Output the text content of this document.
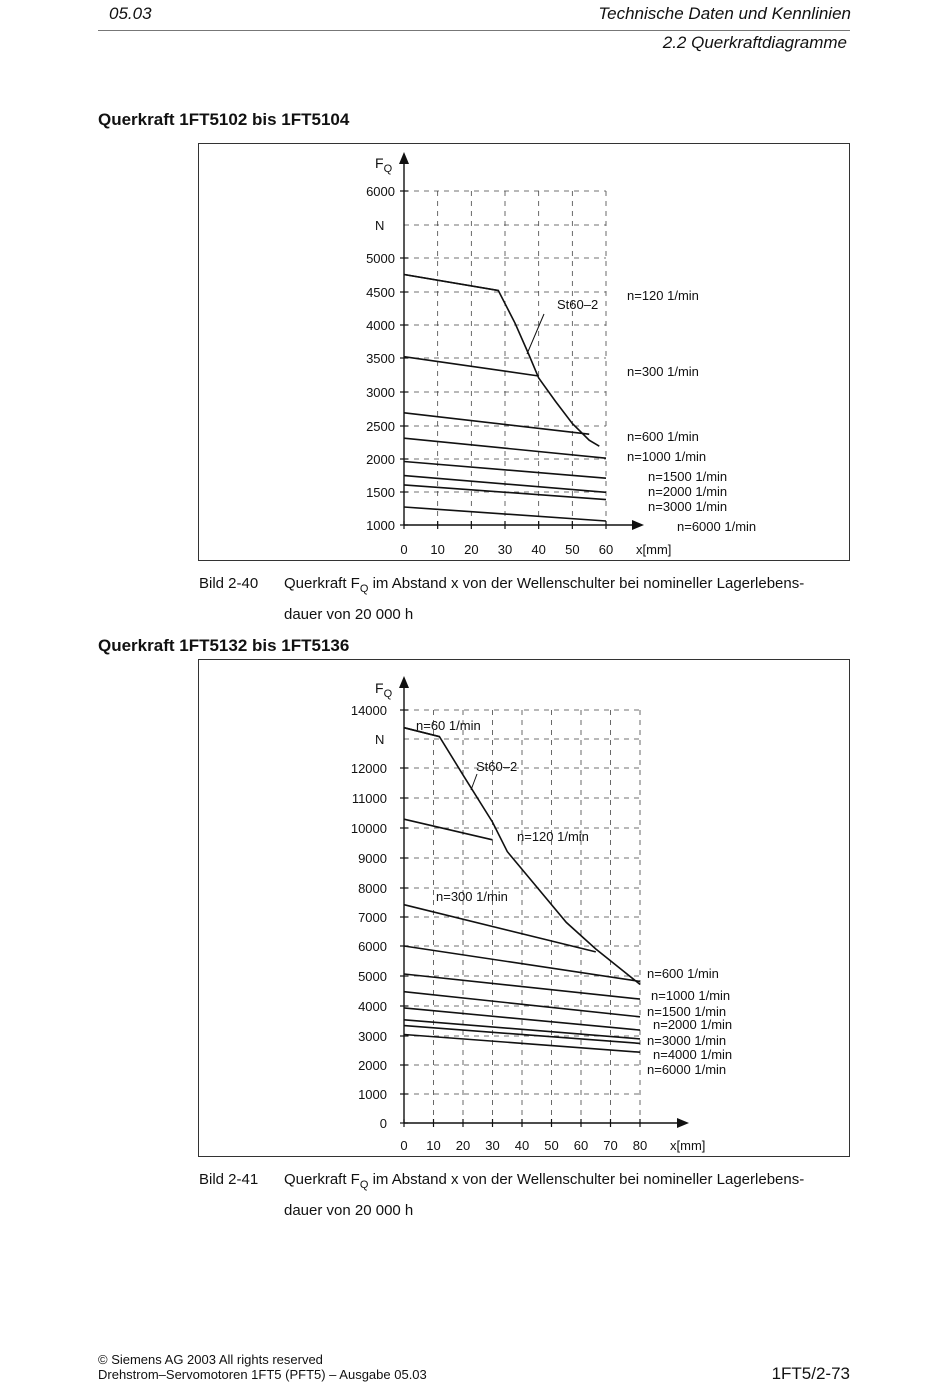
05.03	Technische Daten und Kennlinien
2.2 Querkraftdiagramme
Querkraft 1FT5102 bis 1FT5104
6000
5000
4500
4000
3500
3000
2500
2000
1500
1000
$F_Q$
N
0 10 20 30 40 50 60 x[mm]
n=120 1/min
n=300 1/min
n=600 1/min
n=1000 1/min
n=1500 1/min
n=2000 1/min
n=3000 1/min
n=6000 1/min
St60–2
Bild 2-40 Querkraft $F_Q$ im Abstand x von der Wellenschulter bei nomineller Lagerlebens-
dauer von 20 000 h
Querkraft 1FT5132 bis 1FT5136
14000
12000
11000
10000
9000
8000
7000
6000
5000
4000
3000
2000
1000
0
$F_Q$
N
0 10 20 30 40 50 60 70 80 x[mm]
n=60 1/min
n=120 1/min
n=300 1/min
n=600 1/min
n=1000 1/min
n=1500 1/min
n=2000 1/min
n=3000 1/min
n=4000 1/min
n=6000 1/min
St60–2
Bild 2-41 Querkraft $F_Q$ im Abstand x von der Wellenschulter bei nomineller Lagerlebens-
dauer von 20 000 h
© Siemens AG 2003 All rights reserved
Drehstrom–Servomotoren 1FT5 (PFT5) – Ausgabe 05.03	1FT5/2-73
